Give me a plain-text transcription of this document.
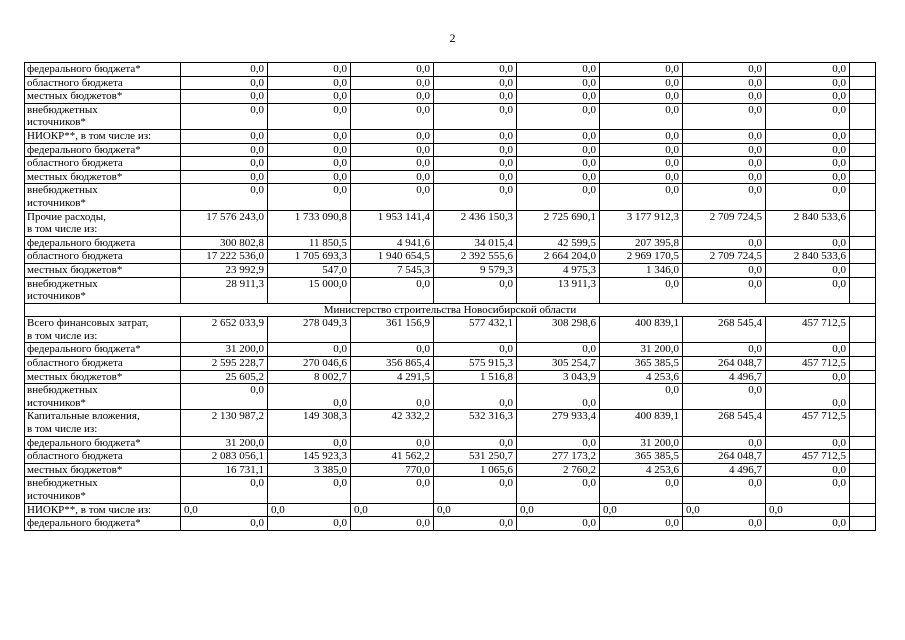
2
федерального бюджета*	0,0	0,0	0,0	0,0	0,0	0,0	0,0	0,0	
областного бюджета	0,0	0,0	0,0	0,0	0,0	0,0	0,0	0,0	
местных бюджетов*	0,0	0,0	0,0	0,0	0,0	0,0	0,0	0,0	
внебюджетных
источников*	0,0	0,0	0,0	0,0	0,0	0,0	0,0	0,0	
НИОКР**, в том числе из:	0,0	0,0	0,0	0,0	0,0	0,0	0,0	0,0	
федерального бюджета*	0,0	0,0	0,0	0,0	0,0	0,0	0,0	0,0	
областного бюджета	0,0	0,0	0,0	0,0	0,0	0,0	0,0	0,0	
местных бюджетов*	0,0	0,0	0,0	0,0	0,0	0,0	0,0	0,0	
внебюджетных
источников*	0,0	0,0	0,0	0,0	0,0	0,0	0,0	0,0	
Прочие расходы,
в том числе из:	17 576 243,0	1 733 090,8	1 953 141,4	2 436 150,3	2 725 690,1	3 177 912,3	2 709 724,5	2 840 533,6	
федерального бюджета	300 802,8	11 850,5	4 941,6	34 015,4	42 599,5	207 395,8	0,0	0,0	
областного бюджета	17 222 536,0	1 705 693,3	1 940 654,5	2 392 555,6	2 664 204,0	2 969 170,5	2 709 724,5	2 840 533,6	
местных бюджетов*	23 992,9	547,0	7 545,3	9 579,3	4 975,3	1 346,0	0,0	0,0	
внебюджетных
источников*	28 911,3	15 000,0	0,0	0,0	13 911,3	0,0	0,0	0,0	
Министерство строительства Новосибирской области									
Всего финансовых затрат,
в том числе из:	2 652 033,9	278 049,3	361 156,9	577 432,1	308 298,6	400 839,1	268 545,4	457 712,5	
федерального бюджета*	31 200,0	0,0	0,0	0,0	0,0	31 200,0	0,0	0,0	
областного бюджета	2 595 228,7	270 046,6	356 865,4	575 915,3	305 254,7	365 385,5	264 048,7	457 712,5	
местных бюджетов*	25 605,2	8 002,7	4 291,5	1 516,8	3 043,9	4 253,6	4 496,7	0,0	
внебюджетных
источников*	0,0	0,0	0,0	0,0	0,0	0,0	0,0	0,0	
Капитальные вложения,
в том числе из:	2 130 987,2	149 308,3	42 332,2	532 316,3	279 933,4	400 839,1	268 545,4	457 712,5	
федерального бюджета*	31 200,0	0,0	0,0	0,0	0,0	31 200,0	0,0	0,0	
областного бюджета	2 083 056,1	145 923,3	41 562,2	531 250,7	277 173,2	365 385,5	264 048,7	457 712,5	
местных бюджетов*	16 731,1	3 385,0	770,0	1 065,6	2 760,2	4 253,6	4 496,7	0,0	
внебюджетных
источников*	0,0	0,0	0,0	0,0	0,0	0,0	0,0	0,0	
НИОКР**, в том числе из:	0,0	0,0	0,0	0,0	0,0	0,0	0,0	0,0	
федерального бюджета*	0,0	0,0	0,0	0,0	0,0	0,0	0,0	0,0	
